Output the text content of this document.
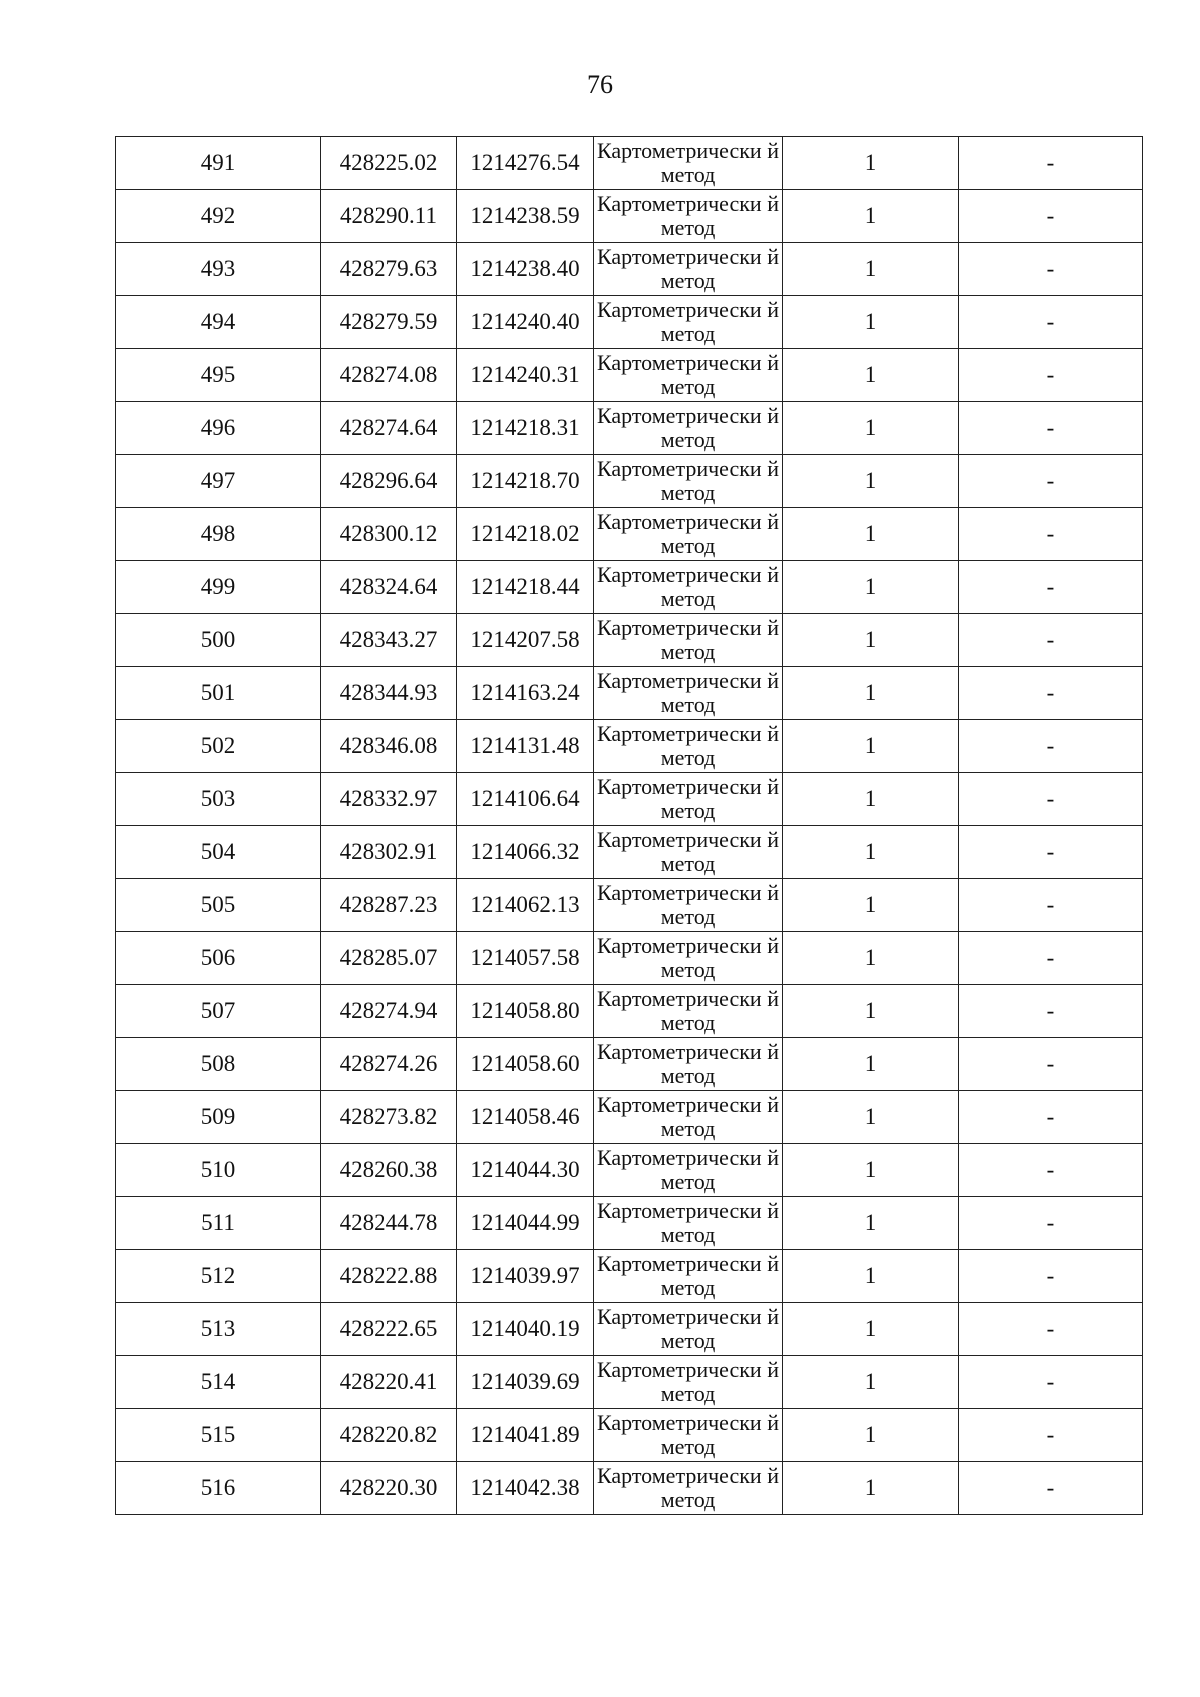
76
491	428225.02	1214276.54	Картометрически й метод	1	-
492	428290.11	1214238.59	Картометрически й метод	1	-
493	428279.63	1214238.40	Картометрически й метод	1	-
494	428279.59	1214240.40	Картометрически й метод	1	-
495	428274.08	1214240.31	Картометрически й метод	1	-
496	428274.64	1214218.31	Картометрически й метод	1	-
497	428296.64	1214218.70	Картометрически й метод	1	-
498	428300.12	1214218.02	Картометрически й метод	1	-
499	428324.64	1214218.44	Картометрически й метод	1	-
500	428343.27	1214207.58	Картометрически й метод	1	-
501	428344.93	1214163.24	Картометрически й метод	1	-
502	428346.08	1214131.48	Картометрически й метод	1	-
503	428332.97	1214106.64	Картометрически й метод	1	-
504	428302.91	1214066.32	Картометрически й метод	1	-
505	428287.23	1214062.13	Картометрически й метод	1	-
506	428285.07	1214057.58	Картометрически й метод	1	-
507	428274.94	1214058.80	Картометрически й метод	1	-
508	428274.26	1214058.60	Картометрически й метод	1	-
509	428273.82	1214058.46	Картометрически й метод	1	-
510	428260.38	1214044.30	Картометрически й метод	1	-
511	428244.78	1214044.99	Картометрически й метод	1	-
512	428222.88	1214039.97	Картометрически й метод	1	-
513	428222.65	1214040.19	Картометрически й метод	1	-
514	428220.41	1214039.69	Картометрически й метод	1	-
515	428220.82	1214041.89	Картометрически й метод	1	-
516	428220.30	1214042.38	Картометрически й метод	1	-
